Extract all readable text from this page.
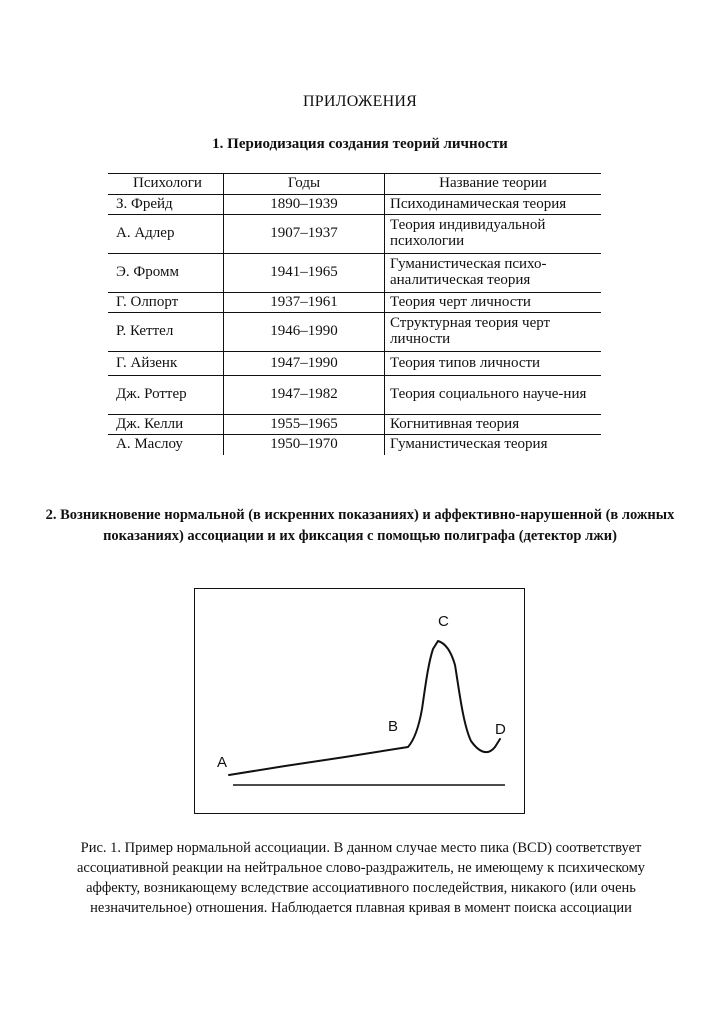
ПРИЛОЖЕНИЯ
1. Периодизация создания теорий личности
Психологи	Годы	Название теории
З. Фрейд	1890–1939	Психодинамическая теория
А. Адлер	1907–1937	Теория индивидуальной психологии
Э. Фромм	1941–1965	Гуманистическая психо-аналитическая теория
Г. Олпорт	1937–1961	Теория черт личности
Р. Кеттел	1946–1990	Структурная теория черт личности
Г. Айзенк	1947–1990	Теория типов личности
Дж. Роттер	1947–1982	Теория социального науче-ния
Дж. Келли	1955–1965	Когнитивная теория
А. Маслоу	1950–1970	Гуманистическая теория
2. Возникновение нормальной (в искренних показаниях) и аффективно-нарушенной (в ложных показаниях) ассоциации и их фиксация с помощью полиграфа (детектор лжи)
A
B
C
D
Рис. 1. Пример нормальной ассоциации. В данном случае место пика (BCD) соответствует ассоциативной реакции на нейтральное слово-раздражитель, не имеющему к психическому аффекту, возникающему вследствие ассоциативного последействия, никакого (или очень незначительное) отношения. Наблюдается плавная кривая в момент поиска ассоциации
